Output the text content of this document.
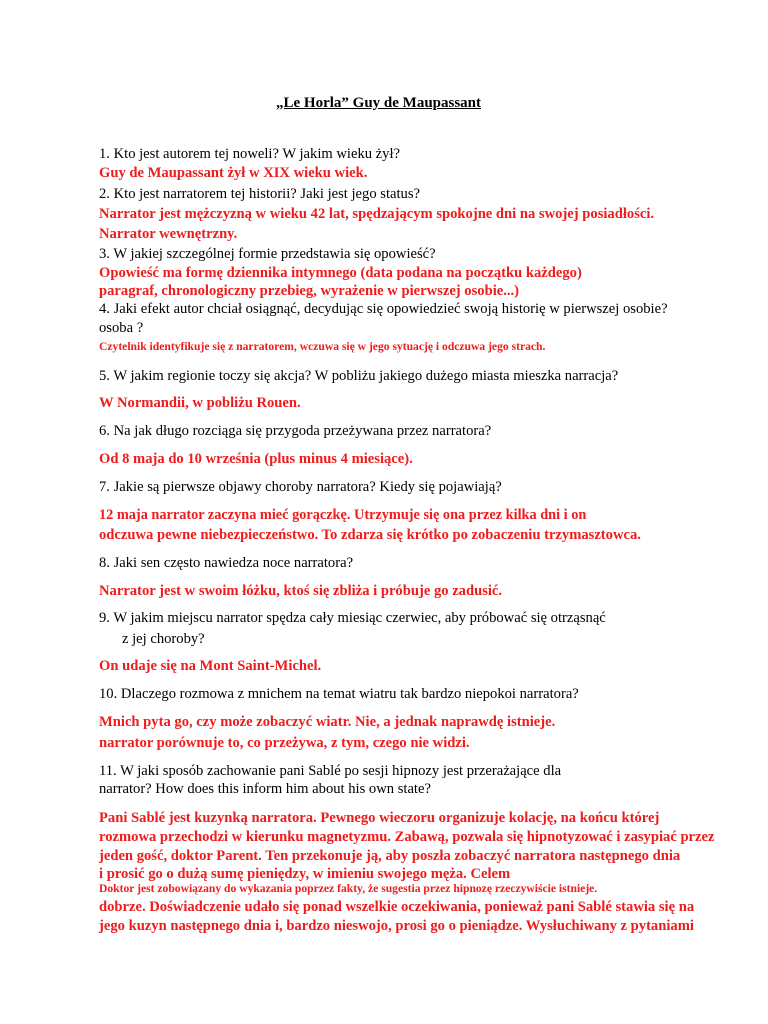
„Le Horla” Guy de Maupassant
1. Kto jest autorem tej noweli? W jakim wieku żył?
Guy de Maupassant żył w XIX wieku wiek.
2. Kto jest narratorem tej historii? Jaki jest jego status?
Narrator jest mężczyzną w wieku 42 lat, spędzającym spokojne dni na swojej posiadłości.
Narrator wewnętrzny.
3. W jakiej szczególnej formie przedstawia się opowieść?
Opowieść ma formę dziennika intymnego (data podana na początku każdego)
paragraf, chronologiczny przebieg, wyrażenie w pierwszej osobie...)
4. Jaki efekt autor chciał osiągnąć, decydując się opowiedzieć swoją historię w pierwszej osobie?
osoba ?
Czytelnik identyfikuje się z narratorem, wczuwa się w jego sytuację i odczuwa jego strach.
5. W jakim regionie toczy się akcja? W pobliżu jakiego dużego miasta mieszka narracja?
W Normandii, w pobliżu Rouen.
6. Na jak długo rozciąga się przygoda przeżywana przez narratora?
Od 8 maja do 10 września (plus minus 4 miesiące).
7. Jakie są pierwsze objawy choroby narratora? Kiedy się pojawiają?
12 maja narrator zaczyna mieć gorączkę. Utrzymuje się ona przez kilka dni i on
odczuwa pewne niebezpieczeństwo. To zdarza się krótko po zobaczeniu trzymasztowca.
8. Jaki sen często nawiedza noce narratora?
Narrator jest w swoim łóżku, ktoś się zbliża i próbuje go zadusić.
9. W jakim miejscu narrator spędza cały miesiąc czerwiec, aby próbować się otrząsnąć
z jej choroby?
On udaje się na Mont Saint-Michel.
10. Dlaczego rozmowa z mnichem na temat wiatru tak bardzo niepokoi narratora?
Mnich pyta go, czy może zobaczyć wiatr. Nie, a jednak naprawdę istnieje.
narrator porównuje to, co przeżywa, z tym, czego nie widzi.
11. W jaki sposób zachowanie pani Sablé po sesji hipnozy jest przerażające dla
narrator? How does this inform him about his own state?
Pani Sablé jest kuzynką narratora. Pewnego wieczoru organizuje kolację, na końcu której
rozmowa przechodzi w kierunku magnetyzmu. Zabawą, pozwala się hipnotyzować i zasypiać przez
jeden gość, doktor Parent. Ten przekonuje ją, aby poszła zobaczyć narratora następnego dnia
i prosić go o dużą sumę pieniędzy, w imieniu swojego męża. Celem
Doktor jest zobowiązany do wykazania poprzez fakty, że sugestia przez hipnozę rzeczywiście istnieje.
dobrze. Doświadczenie udało się ponad wszelkie oczekiwania, ponieważ pani Sablé stawia się na
jego kuzyn następnego dnia i, bardzo nieswojo, prosi go o pieniądze. Wysłuchiwany z pytaniami
